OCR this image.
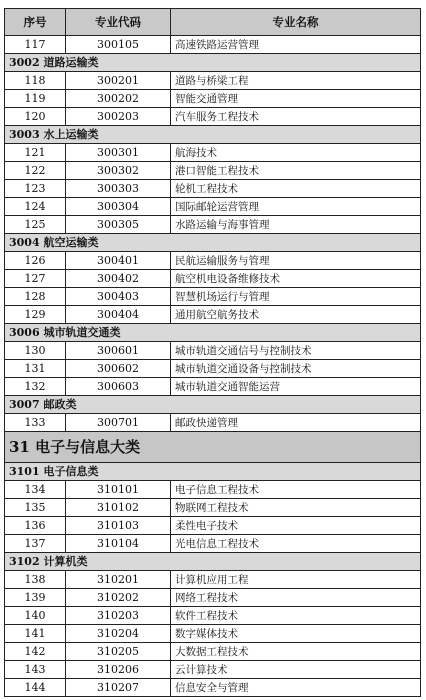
序号	专业代码	专业名称
117	300105	高速铁路运营管理
3002 道路运输类		
118	300201	道路与桥梁工程
119	300202	智能交通管理
120	300203	汽车服务工程技术
3003 水上运输类		
121	300301	航海技术
122	300302	港口智能工程技术
123	300303	轮机工程技术
124	300304	国际邮轮运营管理
125	300305	水路运输与海事管理
3004 航空运输类		
126	300401	民航运输服务与管理
127	300402	航空机电设备维修技术
128	300403	智慧机场运行与管理
129	300404	通用航空航务技术
3006 城市轨道交通类		
130	300601	城市轨道交通信号与控制技术
131	300602	城市轨道交通设备与控制技术
132	300603	城市轨道交通智能运营
3007 邮政类		
133	300701	邮政快递管理
31 电子与信息大类		
3101 电子信息类		
134	310101	电子信息工程技术
135	310102	物联网工程技术
136	310103	柔性电子技术
137	310104	光电信息工程技术
3102 计算机类		
138	310201	计算机应用工程
139	310202	网络工程技术
140	310203	软件工程技术
141	310204	数字媒体技术
142	310205	大数据工程技术
143	310206	云计算技术
144	310207	信息安全与管理
